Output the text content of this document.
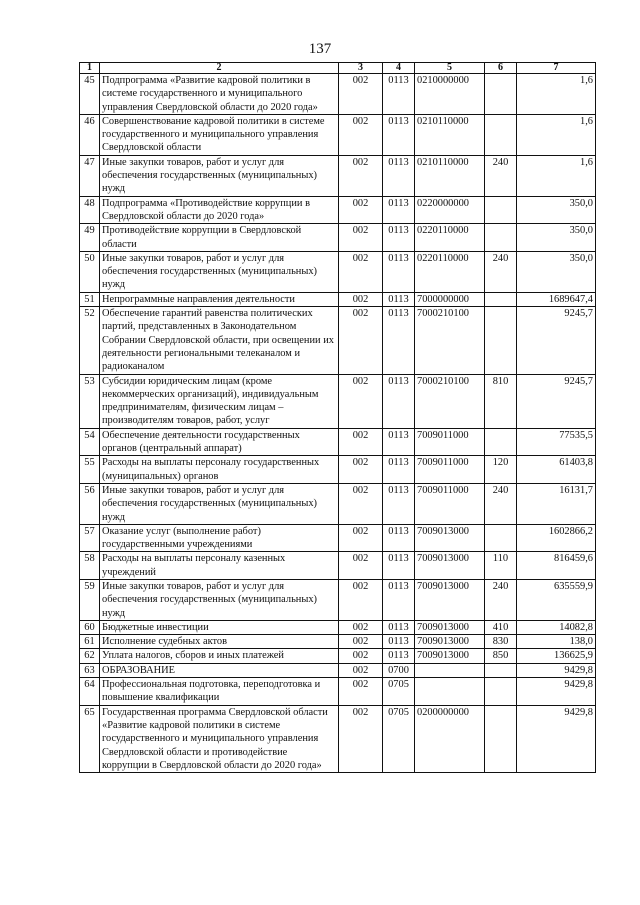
137
1	2	3	4	5	6	7
45	Подпрограмма «Развитие кадровой политики в системе государственного и муниципального управления Свердловской области до 2020 года»	002	0113	0210000000		1,6
46	Совершенствование кадровой политики в системе государственного и муниципального управления Свердловской области	002	0113	0210110000		1,6
47	Иные закупки товаров, работ и услуг для обеспечения государственных (муниципальных) нужд	002	0113	0210110000	240	1,6
48	Подпрограмма «Противодействие коррупции в Свердловской области до 2020 года»	002	0113	0220000000		350,0
49	Противодействие коррупции в Свердловской области	002	0113	0220110000		350,0
50	Иные закупки товаров, работ и услуг для обеспечения государственных (муниципальных) нужд	002	0113	0220110000	240	350,0
51	Непрограммные направления деятельности	002	0113	7000000000		1689647,4
52	Обеспечение гарантий равенства политических партий, представленных в Законодательном Собрании Свердловской области, при освещении их деятельности региональными телеканалом и радиоканалом	002	0113	7000210100		9245,7
53	Субсидии юридическим лицам (кроме некоммерческих организаций), индивидуальным предпринимателям, физическим лицам – производителям товаров, работ, услуг	002	0113	7000210100	810	9245,7
54	Обеспечение деятельности государственных органов (центральный аппарат)	002	0113	7009011000		77535,5
55	Расходы на выплаты персоналу государственных (муниципальных) органов	002	0113	7009011000	120	61403,8
56	Иные закупки товаров, работ и услуг для обеспечения государственных (муниципальных) нужд	002	0113	7009011000	240	16131,7
57	Оказание услуг (выполнение работ) государственными учреждениями	002	0113	7009013000		1602866,2
58	Расходы на выплаты персоналу казенных учреждений	002	0113	7009013000	110	816459,6
59	Иные закупки товаров, работ и услуг для обеспечения государственных (муниципальных) нужд	002	0113	7009013000	240	635559,9
60	Бюджетные инвестиции	002	0113	7009013000	410	14082,8
61	Исполнение судебных актов	002	0113	7009013000	830	138,0
62	Уплата налогов, сборов и иных платежей	002	0113	7009013000	850	136625,9
63	ОБРАЗОВАНИЕ	002	0700			9429,8
64	Профессиональная подготовка, переподготовка и повышение квалификации	002	0705			9429,8
65	Государственная программа Свердловской области «Развитие кадровой политики в системе государственного и муниципального управления Свердловской области и противодействие коррупции в Свердловской области до 2020 года»	002	0705	0200000000		9429,8
